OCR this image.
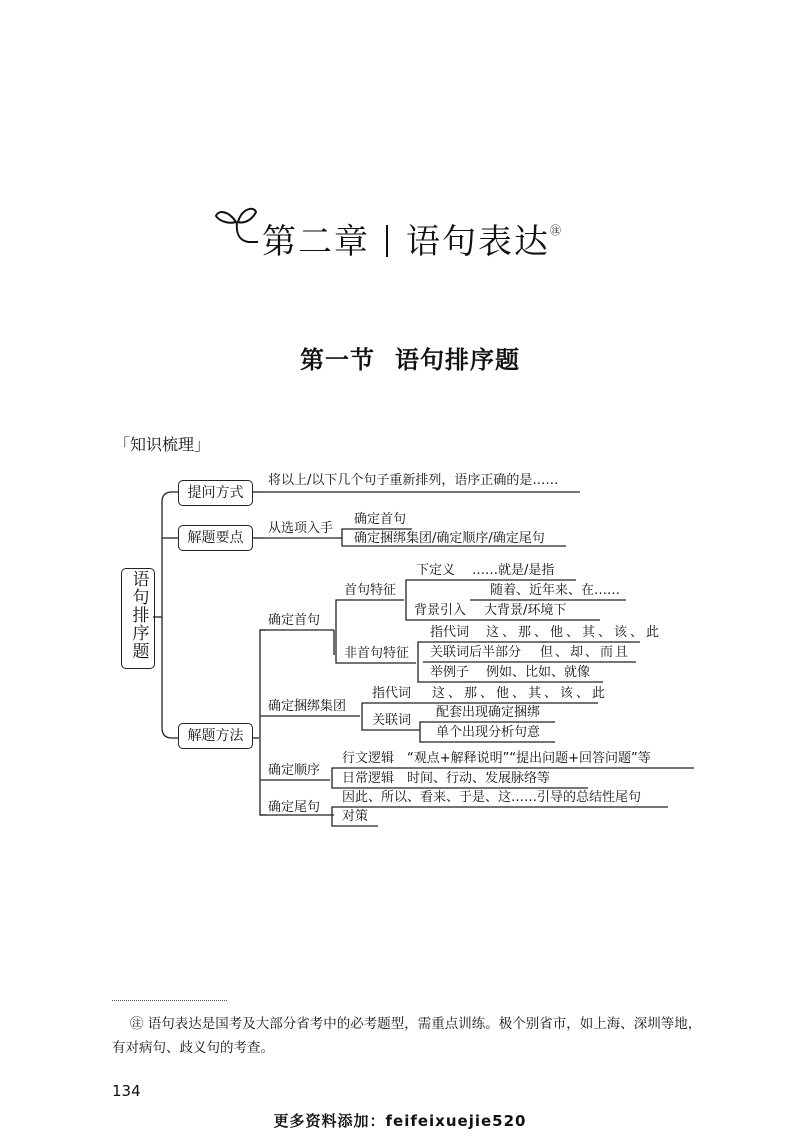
第二章 语句表达 ㊟
第一节 语句排序题
「知识梳理」
语句排序题
提问方式
将以上/以下几个句子重新排列，语序正确的是……
解题要点
从选项入手
确定首句
确定捆绑集团/确定顺序/确定尾句
解题方法
确定首句
首句特征
下定义 ……就是/是指
随着、近年来、在……
背景引入 大背景/环境下
非首句特征
指代词 这、那、他、其、该、此
关联词后半部分 但、却、而且
举例子 例如、比如、就像
确定捆绑集团
指代词 这、那、他、其、该、此
关联词
配套出现确定捆绑
单个出现分析句意
确定顺序
行文逻辑　“观点+解释说明”“提出问题+回答问题”等
日常逻辑　时间、行动、发展脉络等
确定尾句
因此、所以、看来、于是、这……引导的总结性尾句
对策
㊟ 语句表达是国考及大部分省考中的必考题型，需重点训练。极个别省市，如上海、深圳等地，有对病句、歧义句的考查。
134
更多资料添加：feifeixuejie520
